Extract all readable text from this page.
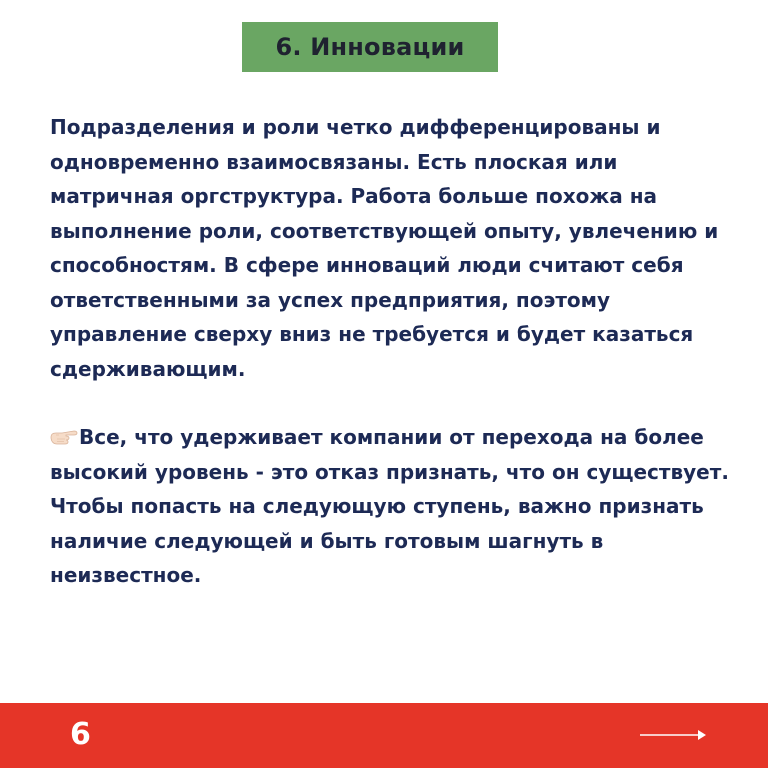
6. Инновации

Подразделения и роли четко дифференцированы и одновременно взаимосвязаны. Есть плоская или матричная оргструктура. Работа больше похожа на выполнение роли, соответствующей опыту, увлечению и способностям. В сфере инноваций люди считают себя ответственными за успех предприятия, поэтому управление сверху вниз не требуется и будет казаться сдерживающим.

Все, что удерживает компании от перехода на более высокий уровень - это отказ признать, что он существует. Чтобы попасть на следующую ступень, важно признать наличие следующей и быть готовым шагнуть в неизвестное.

6
